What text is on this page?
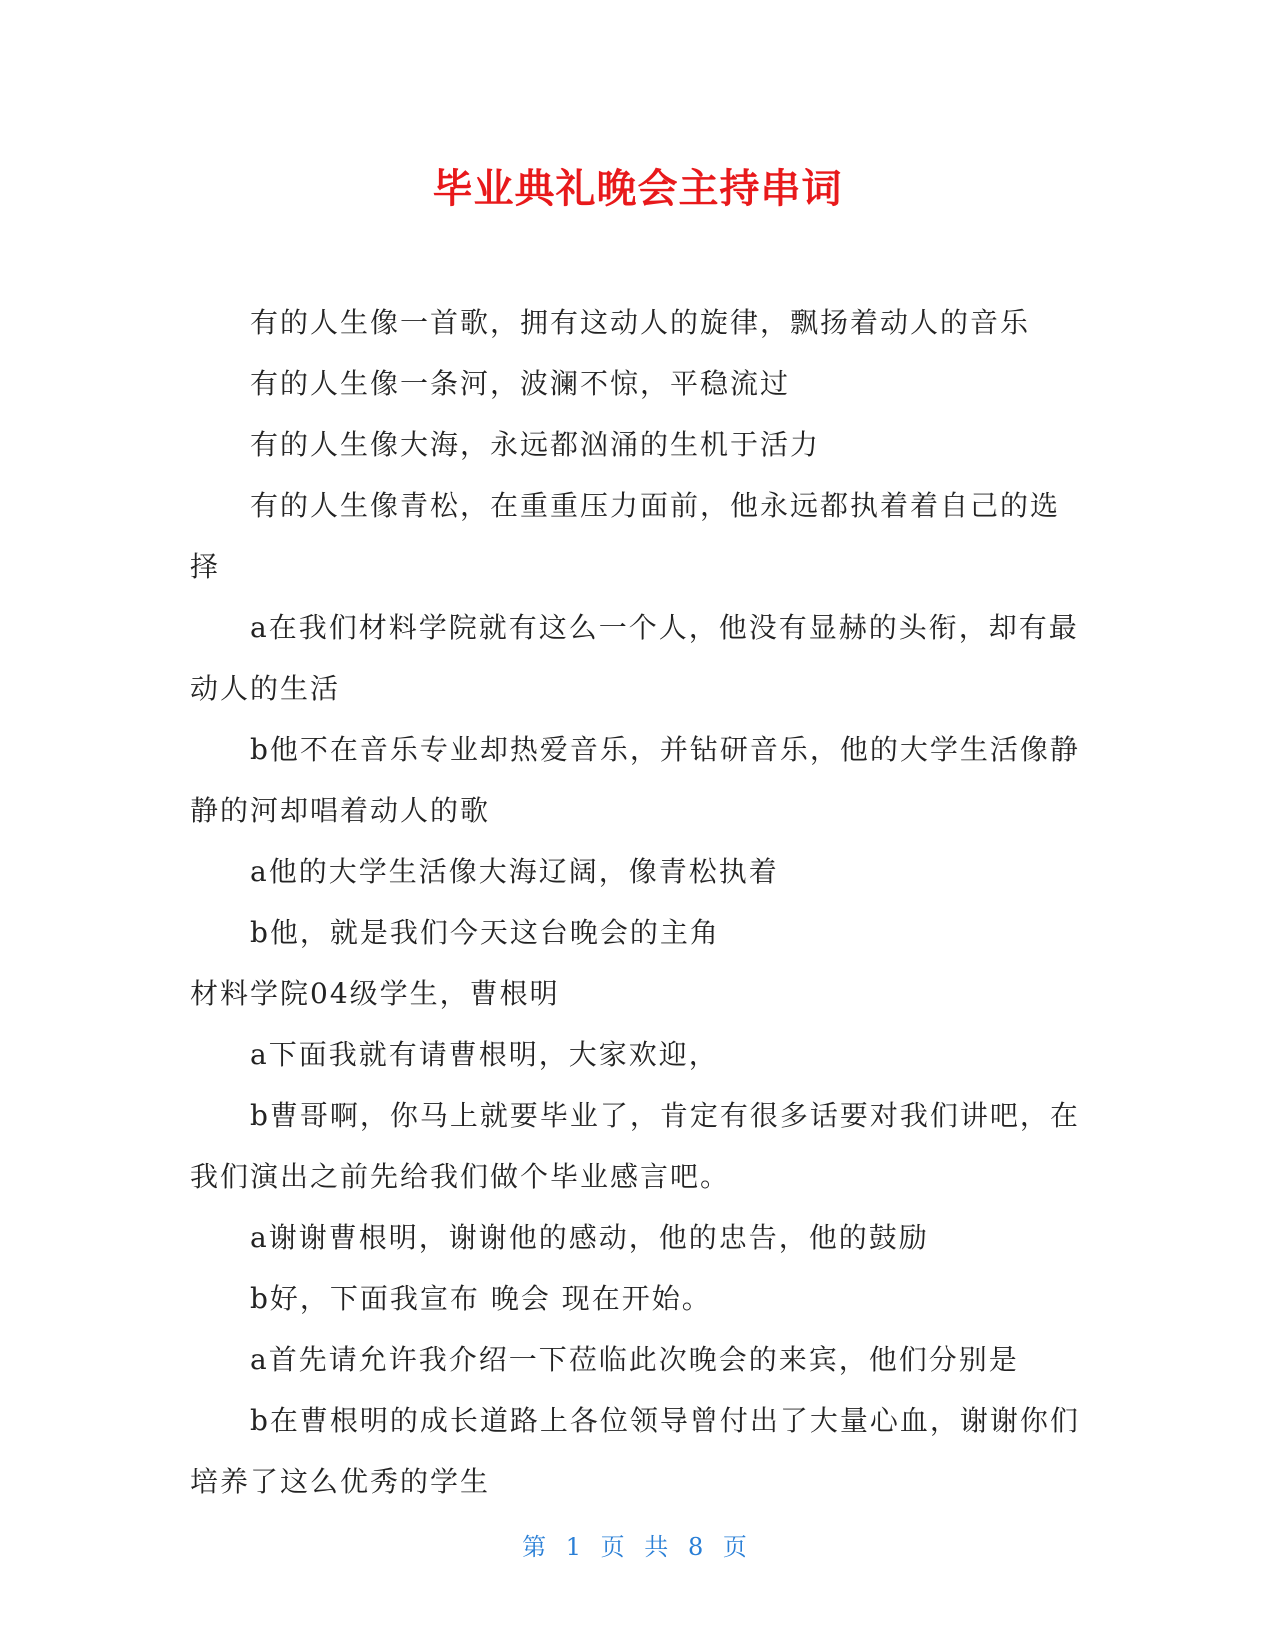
毕业典礼晚会主持串词

有的人生像一首歌，拥有这动人的旋律，飘扬着动人的音乐

有的人生像一条河，波澜不惊，平稳流过

有的人生像大海，永远都汹涌的生机于活力

有的人生像青松，在重重压力面前，他永远都执着着自己的选择

a在我们材料学院就有这么一个人，他没有显赫的头衔，却有最动人的生活

b他不在音乐专业却热爱音乐，并钻研音乐，他的大学生活像静静的河却唱着动人的歌

a他的大学生活像大海辽阔，像青松执着

b他，就是我们今天这台晚会的主角

材料学院04级学生，曹根明

a下面我就有请曹根明，大家欢迎，

b曹哥啊，你马上就要毕业了，肯定有很多话要对我们讲吧，在我们演出之前先给我们做个毕业感言吧。

a谢谢曹根明，谢谢他的感动，他的忠告，他的鼓励

b好，下面我宣布 晚会 现在开始。

a首先请允许我介绍一下莅临此次晚会的来宾，他们分别是

b在曹根明的成长道路上各位领导曾付出了大量心血，谢谢你们培养了这么优秀的学生

第 1 页 共 8 页
